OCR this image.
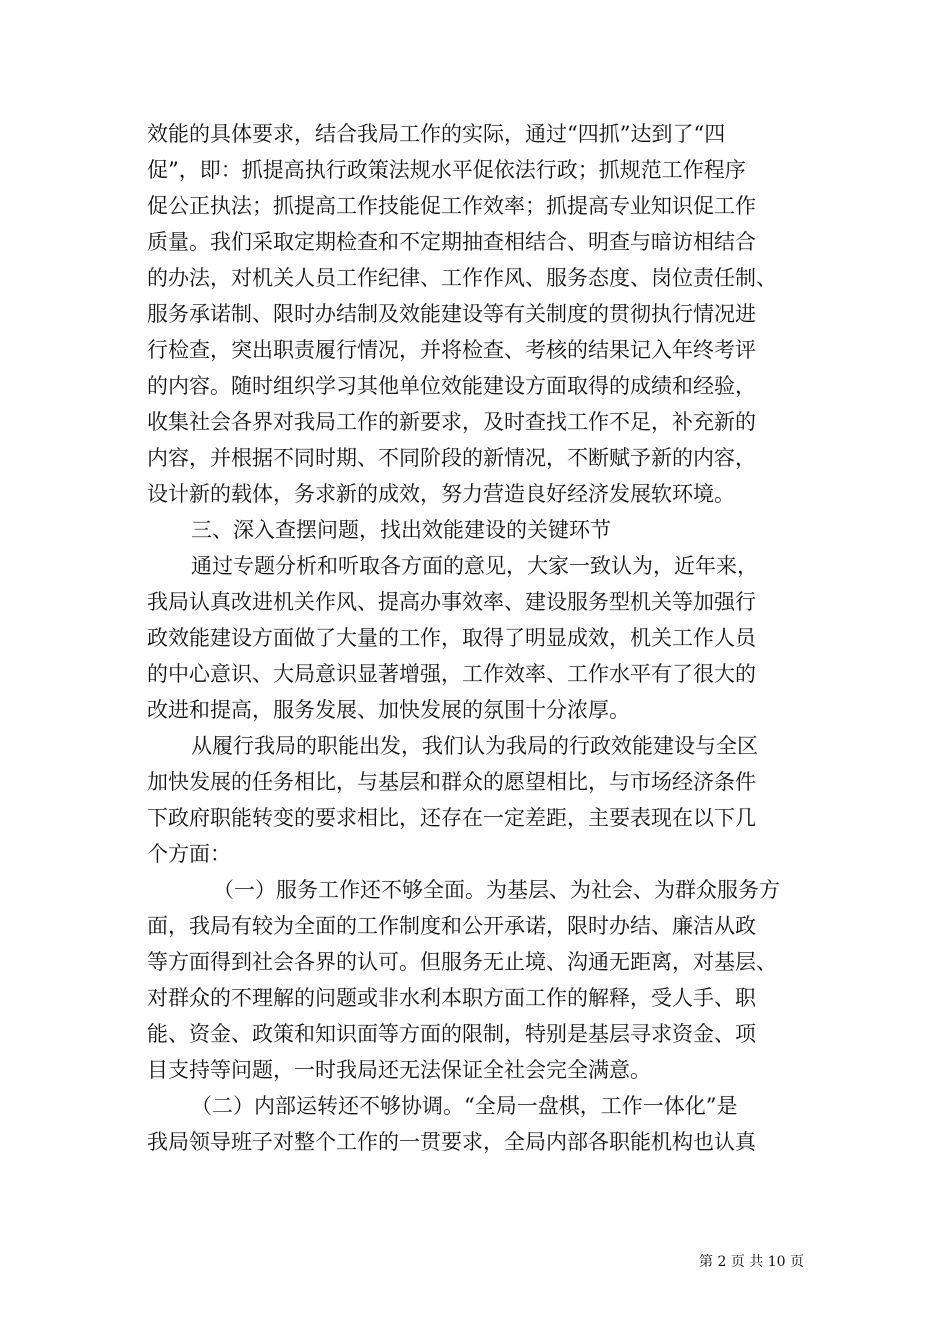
效能的具体要求，结合我局工作的实际，通过“四抓”达到了“四
促”，即：抓提高执行政策法规水平促依法行政；抓规范工作程序
促公正执法；抓提高工作技能促工作效率；抓提高专业知识促工作
质量。我们采取定期检查和不定期抽查相结合、明查与暗访相结合
的办法，对机关人员工作纪律、工作作风、服务态度、岗位责任制、
服务承诺制、限时办结制及效能建设等有关制度的贯彻执行情况进
行检查，突出职责履行情况，并将检查、考核的结果记入年终考评
的内容。随时组织学习其他单位效能建设方面取得的成绩和经验，
收集社会各界对我局工作的新要求，及时查找工作不足，补充新的
内容，并根据不同时期、不同阶段的新情况，不断赋予新的内容，
设计新的载体，务求新的成效，努力营造良好经济发展软环境。
三、深入查摆问题，找出效能建设的关键环节
通过专题分析和听取各方面的意见，大家一致认为，近年来，
我局认真改进机关作风、提高办事效率、建设服务型机关等加强行
政效能建设方面做了大量的工作，取得了明显成效，机关工作人员
的中心意识、大局意识显著增强，工作效率、工作水平有了很大的
改进和提高，服务发展、加快发展的氛围十分浓厚。
从履行我局的职能出发，我们认为我局的行政效能建设与全区
加快发展的任务相比，与基层和群众的愿望相比，与市场经济条件
下政府职能转变的要求相比，还存在一定差距，主要表现在以下几
个方面：
（一）服务工作还不够全面。为基层、为社会、为群众服务方
面，我局有较为全面的工作制度和公开承诺，限时办结、廉洁从政
等方面得到社会各界的认可。但服务无止境、沟通无距离，对基层、
对群众的不理解的问题或非水利本职方面工作的解释，受人手、职
能、资金、政策和知识面等方面的限制，特别是基层寻求资金、项
目支持等问题，一时我局还无法保证全社会完全满意。
（二）内部运转还不够协调。“全局一盘棋，工作一体化”是
我局领导班子对整个工作的一贯要求，全局内部各职能机构也认真
第 2 页 共 10 页
